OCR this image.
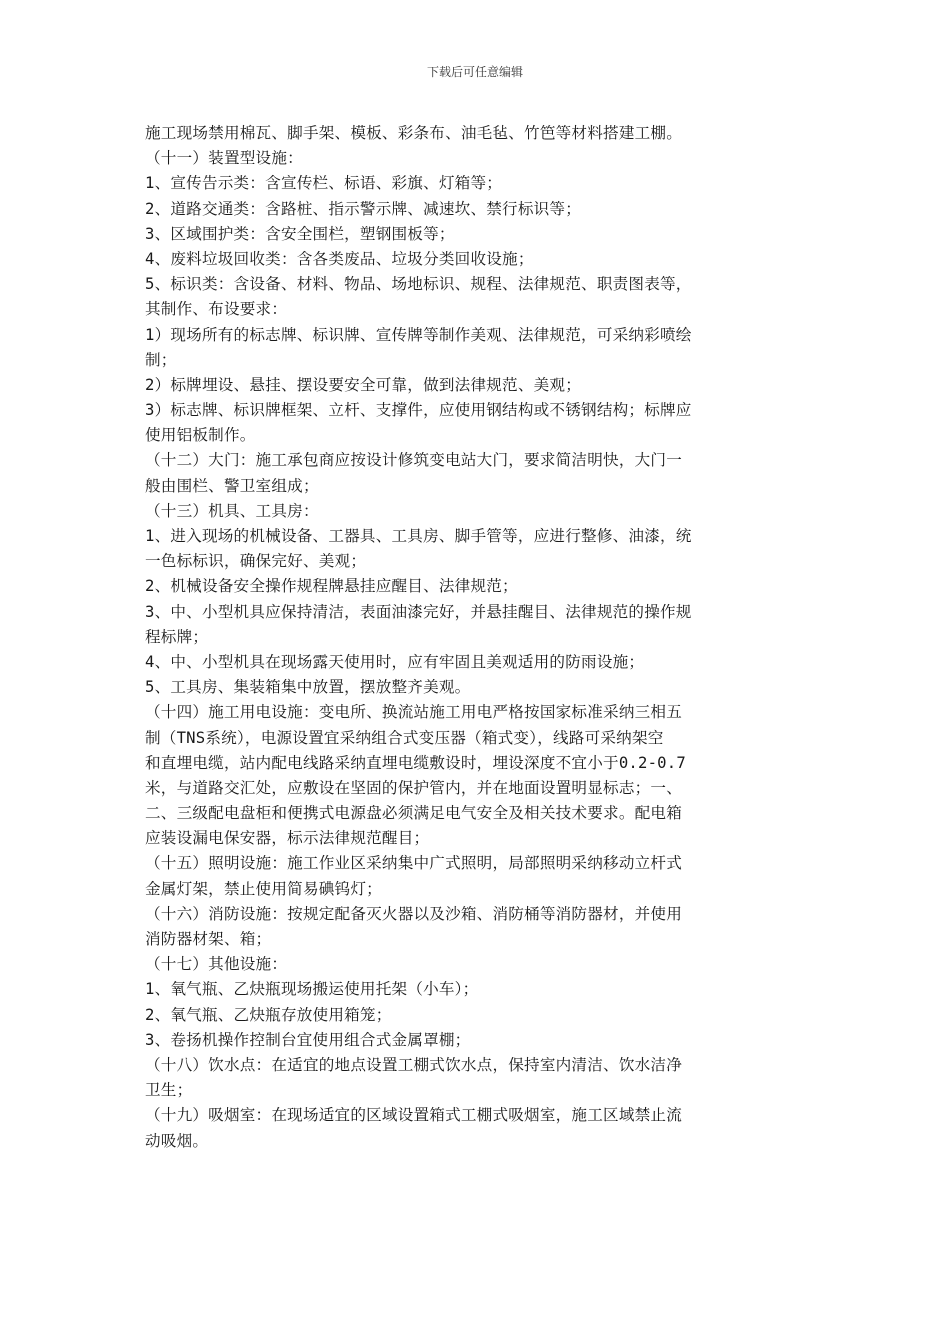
下载后可任意编辑
施工现场禁用棉瓦、脚手架、模板、彩条布、油毛毡、竹笆等材料搭建工棚。
（十一）装置型设施：
1、宣传告示类：含宣传栏、标语、彩旗、灯箱等；
2、道路交通类：含路桩、指示警示牌、减速坎、禁行标识等；
3、区域围护类：含安全围栏，塑钢围板等；
4、废料垃圾回收类：含各类废品、垃圾分类回收设施；
5、标识类：含设备、材料、物品、场地标识、规程、法律规范、职责图表等，
其制作、布设要求：
1）现场所有的标志牌、标识牌、宣传牌等制作美观、法律规范，可采纳彩喷绘
制；
2）标牌埋设、悬挂、摆设要安全可靠，做到法律规范、美观；
3）标志牌、标识牌框架、立杆、支撑件，应使用钢结构或不锈钢结构；标牌应
使用铝板制作。
（十二）大门：施工承包商应按设计修筑变电站大门，要求简洁明快，大门一
般由围栏、警卫室组成；
（十三）机具、工具房：
1、进入现场的机械设备、工器具、工具房、脚手管等，应进行整修、油漆，统
一色标标识，确保完好、美观；
2、机械设备安全操作规程牌悬挂应醒目、法律规范；
3、中、小型机具应保持清洁，表面油漆完好，并悬挂醒目、法律规范的操作规
程标牌；
4、中、小型机具在现场露天使用时，应有牢固且美观适用的防雨设施；
5、工具房、集装箱集中放置，摆放整齐美观。
（十四）施工用电设施：变电所、换流站施工用电严格按国家标准采纳三相五
制（TNS系统），电源设置宜采纳组合式变压器（箱式变），线路可采纳架空
和直埋电缆，站内配电线路采纳直埋电缆敷设时，埋设深度不宜小于0.2-0.7
米，与道路交汇处，应敷设在坚固的保护管内，并在地面设置明显标志；一、
二、三级配电盘柜和便携式电源盘必须满足电气安全及相关技术要求。配电箱
应装设漏电保安器，标示法律规范醒目；
（十五）照明设施：施工作业区采纳集中广式照明，局部照明采纳移动立杆式
金属灯架，禁止使用简易碘钨灯；
（十六）消防设施：按规定配备灭火器以及沙箱、消防桶等消防器材，并使用
消防器材架、箱；
（十七）其他设施：
1、氧气瓶、乙炔瓶现场搬运使用托架（小车）；
2、氧气瓶、乙炔瓶存放使用箱笼；
3、卷扬机操作控制台宜使用组合式金属罩棚；
（十八）饮水点：在适宜的地点设置工棚式饮水点，保持室内清洁、饮水洁净
卫生；
（十九）吸烟室：在现场适宜的区域设置箱式工棚式吸烟室，施工区域禁止流
动吸烟。
